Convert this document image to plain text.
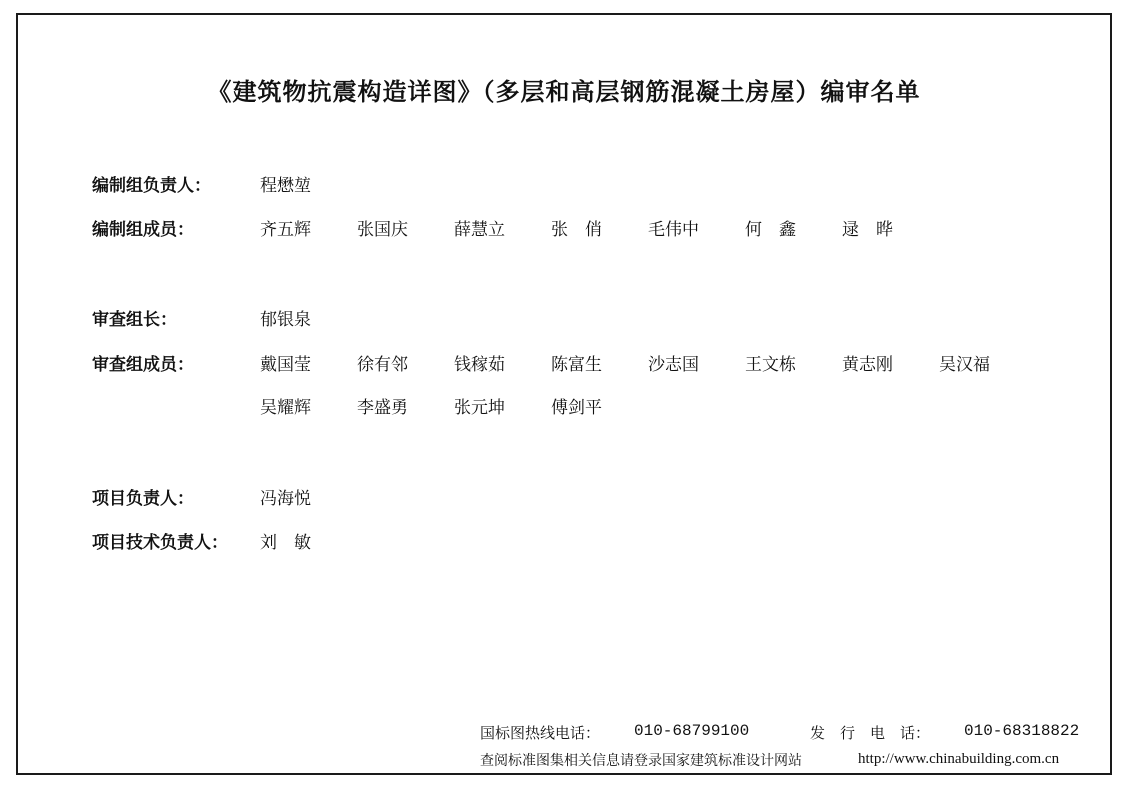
《建筑物抗震构造详图》（多层和高层钢筋混凝土房屋）编审名单
编制组负责人：	程懋堃
编制组成员：	齐五辉	张国庆	薛慧立	张　俏	毛伟中	何　鑫	逯　晔
审查组长：	郁银泉
审查组成员：	戴国莹	徐有邻	钱稼茹	陈富生	沙志国	王文栋	黄志刚	吴汉福
吴耀辉	李盛勇	张元坤	傅剑平
项目负责人：	冯海悦
项目技术负责人： 刘　敏
国标图热线电话： 010-68799100	发　行　电　话： 010-68318822
查阅标准图集相关信息请登录国家建筑标准设计网站	http://www.chinabuilding.com.cn
